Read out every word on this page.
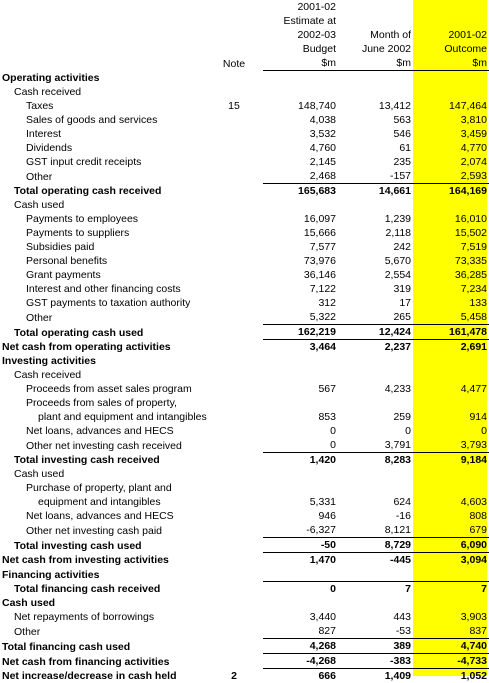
		2001-02		
		Estimate at		
		2002-03	Month of	2001-02
		Budget	June 2002	Outcome
	Note	$m	$m	$m
Operating activities				
Cash received				
Taxes	15	148,740	13,412	147,464
Sales of goods and services		4,038	563	3,810
Interest		3,532	546	3,459
Dividends		4,760	61	4,770
GST input credit receipts		2,145	235	2,074
Other		2,468	-157	2,593
Total operating cash received		165,683	14,661	164,169
Cash used				
Payments to employees		16,097	1,239	16,010
Payments to suppliers		15,666	2,118	15,502
Subsidies paid		7,577	242	7,519
Personal benefits		73,976	5,670	73,335
Grant payments		36,146	2,554	36,285
Interest and other financing costs		7,122	319	7,234
GST payments to taxation authority		312	17	133
Other		5,322	265	5,458
Total operating cash used		162,219	12,424	161,478
Net cash from operating activities		3,464	2,237	2,691
Investing activities				
Cash received				
Proceeds from asset sales program		567	4,233	4,477
Proceeds from sales of property,				
plant and equipment and intangibles		853	259	914
Net loans, advances and HECS		0	0	0
Other net investing cash received		0	3,791	3,793
Total investing cash received		1,420	8,283	9,184
Cash used				
Purchase of property, plant and				
equipment and intangibles		5,331	624	4,603
Net loans, advances and HECS		946	-16	808
Other net investing cash paid		-6,327	8,121	679
Total investing cash used		-50	8,729	6,090
Net cash from investing activities		1,470	-445	3,094
Financing activities				
Total financing cash received		0	7	7
Cash used				
Net repayments of borrowings		3,440	443	3,903
Other		827	-53	837
Total financing cash used		4,268	389	4,740
Net cash from financing activities		-4,268	-383	-4,733
Net increase/decrease in cash held	2	666	1,409	1,052
